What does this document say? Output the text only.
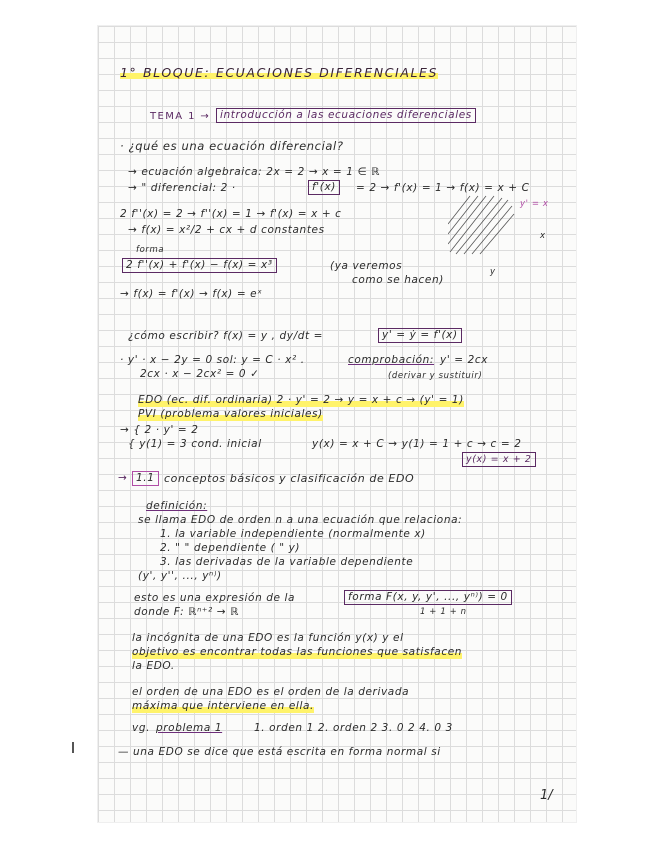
1° BLOQUE: ECUACIONES DIFERENCIALES
TEMA 1 → introducción a las ecuaciones diferenciales
· ¿qué es una ecuación diferencial?
→ ecuación algebraica: 2x = 2 → x = 1 ∈ ℝ
→ " diferencial: 2 ·	f'(x)	= 2 → f'(x) = 1 → f(x) = x + C
2 f''(x) = 2 → f''(x) = 1 → f'(x) = x + c
→ f(x) = x²/2 + cx + d constantes
forma
2 f''(x) + f'(x) − f(x) = x³	(ya veremos
como se hacen)
→ f(x) = f'(x) → f(x) = eˣ
y' = x
x
y
¿cómo escribir? f(x) = y , dy/dt =	y' = ẏ = f'(x)
· y' · x − 2y = 0 sol: y = C · x² .	comprobación: y' = 2cx
2cx · x − 2cx² = 0 ✓	(derivar y sustituir)
EDO (ec. dif. ordinaria) 2 · y' = 2 → y = x + c → (y' = 1)
PVI (problema valores iniciales)
→ { 2 · y' = 2
{ y(1) = 3 cond. inicial	y(x) = x + C → y(1) = 1 + c → c = 2
y(x) = x + 2
→ 1.1 conceptos básicos y clasificación de EDO
definición:
se llama EDO de orden n a una ecuación que relaciona:
1. la variable independiente (normalmente x)
2. " " dependiente ( " y)
3. las derivadas de la variable dependiente
(y', y'', ..., yⁿ⁾)
esto es una expresión de la	forma F(x, y, y', ..., yⁿ⁾) = 0
donde F: ℝⁿ⁺² → ℝ	1 + 1 + n
la incógnita de una EDO es la función y(x) y el
objetivo es encontrar todas las funciones que satisfacen
la EDO.
el orden de una EDO es el orden de la derivada
máxima que interviene en ella.
vg. problema 1	1. orden 1 2. orden 2 3. 0 2 4. 0 3
— una EDO se dice que está escrita en forma normal si
1/
